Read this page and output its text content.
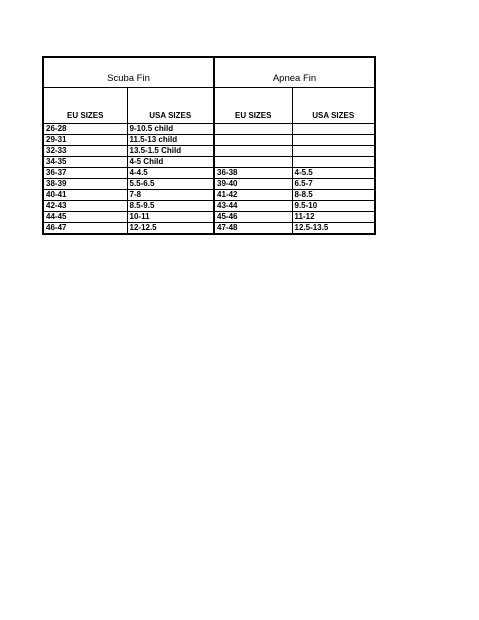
Scuba Fin		Apnea Fin	
EU SIZES	USA SIZES	EU SIZES	USA SIZES
26-28	9-10.5 child		
29-31	11.5-13 child		
32-33	13.5-1.5 Child		
34-35	4-5 Child		
36-37	4-4.5	36-38	4-5.5
38-39	5.5-6.5	39-40	6.5-7
40-41	7-8	41-42	8-8.5
42-43	8.5-9.5	43-44	9.5-10
44-45	10-11	45-46	11-12
46-47	12-12.5	47-48	12.5-13.5
